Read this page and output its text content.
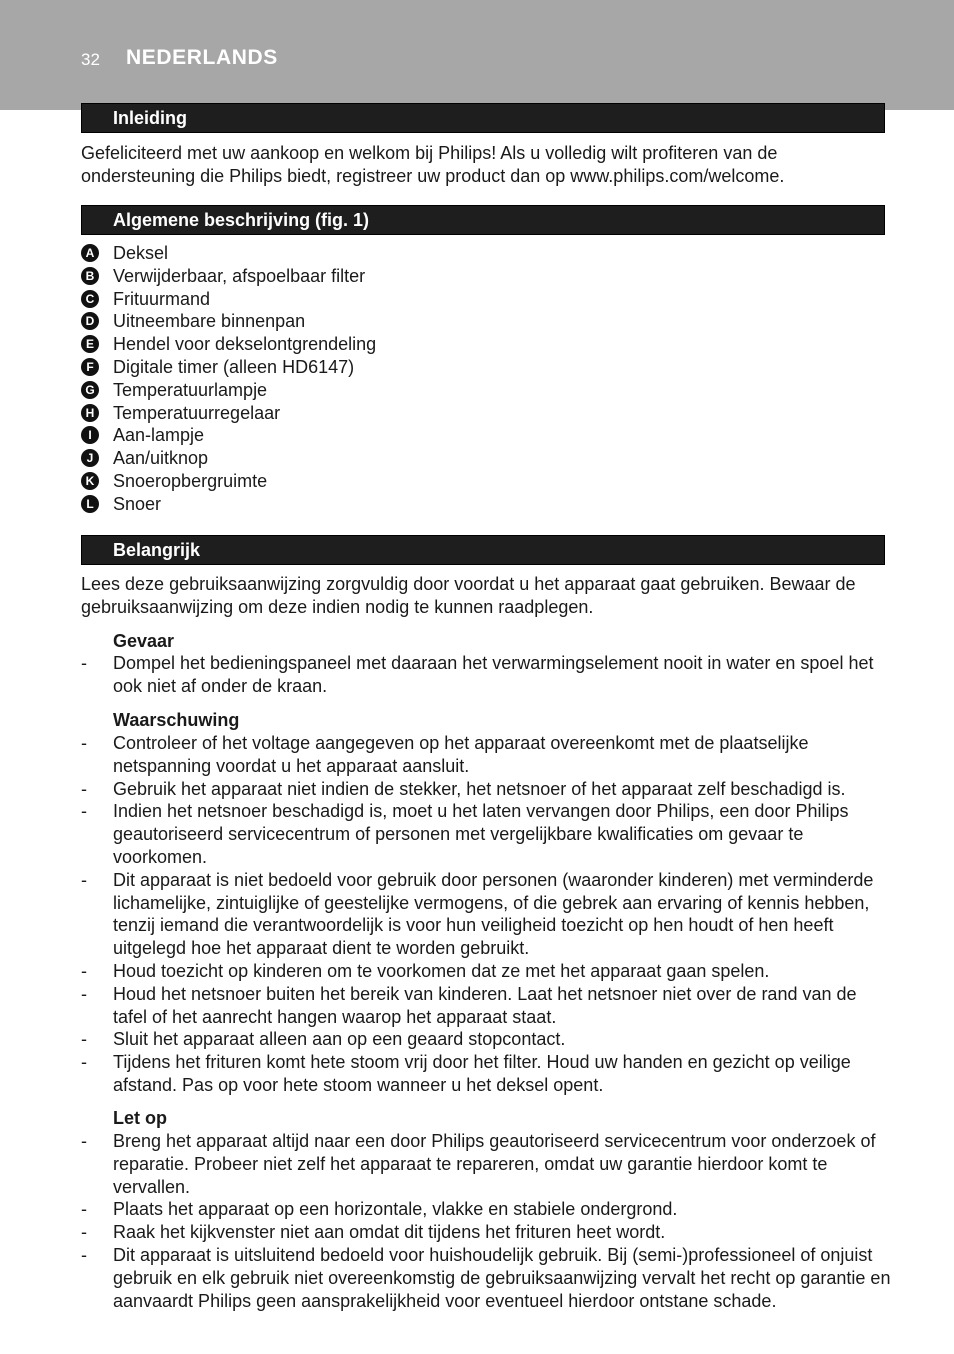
32 NEDERLANDS
Inleiding

Gefeliciteerd met uw aankoop en welkom bij Philips! Als u volledig wilt profiteren van de ondersteuning die Philips biedt, registreer uw product dan op www.philips.com/welcome.

Algemene beschrijving (fig. 1)
A Deksel
B Verwijderbaar, afspoelbaar filter
C Frituurmand
D Uitneembare binnenpan
E Hendel voor dekselontgrendeling
F Digitale timer (alleen HD6147)
G Temperatuurlampje
H Temperatuurregelaar
I	Aan-lampje
J	Aan/uitknop
K Snoeropbergruimte
L Snoer
Belangrijk

Lees deze gebruiksaanwijzing zorgvuldig door voordat u het apparaat gaat gebruiken. Bewaar de gebruiksaanwijzing om deze indien nodig te kunnen raadplegen.

Gevaar
- Dompel het bedieningspaneel met daaraan het verwarmingselement nooit in water en spoel het ook niet af onder de kraan.
Waarschuwing
- Controleer of het voltage aangegeven op het apparaat overeenkomt met de plaatselijke netspanning voordat u het apparaat aansluit.
- Gebruik het apparaat niet indien de stekker, het netsnoer of het apparaat zelf beschadigd is.
- Indien het netsnoer beschadigd is, moet u het laten vervangen door Philips, een door Philips geautoriseerd servicecentrum of personen met vergelijkbare kwalificaties om gevaar te voorkomen.
- Dit apparaat is niet bedoeld voor gebruik door personen (waaronder kinderen) met verminderde lichamelijke, zintuiglijke of geestelijke vermogens, of die gebrek aan ervaring of kennis hebben, tenzij iemand die verantwoordelijk is voor hun veiligheid toezicht op hen houdt of hen heeft uitgelegd hoe het apparaat dient te worden gebruikt.
- Houd toezicht op kinderen om te voorkomen dat ze met het apparaat gaan spelen.
- Houd het netsnoer buiten het bereik van kinderen. Laat het netsnoer niet over de rand van de tafel of het aanrecht hangen waarop het apparaat staat.
- Sluit het apparaat alleen aan op een geaard stopcontact.
- Tijdens het frituren komt hete stoom vrij door het filter. Houd uw handen en gezicht op veilige afstand. Pas op voor hete stoom wanneer u het deksel opent.
Let op
- Breng het apparaat altijd naar een door Philips geautoriseerd servicecentrum voor onderzoek of reparatie. Probeer niet zelf het apparaat te repareren, omdat uw garantie hierdoor komt te vervallen.
- Plaats het apparaat op een horizontale, vlakke en stabiele ondergrond.
- Raak het kijkvenster niet aan omdat dit tijdens het frituren heet wordt.
- Dit apparaat is uitsluitend bedoeld voor huishoudelijk gebruik. Bij (semi-)professioneel of onjuist gebruik en elk gebruik niet overeenkomstig de gebruiksaanwijzing vervalt het recht op garantie en aanvaardt Philips geen aansprakelijkheid voor eventueel hierdoor ontstane schade.
